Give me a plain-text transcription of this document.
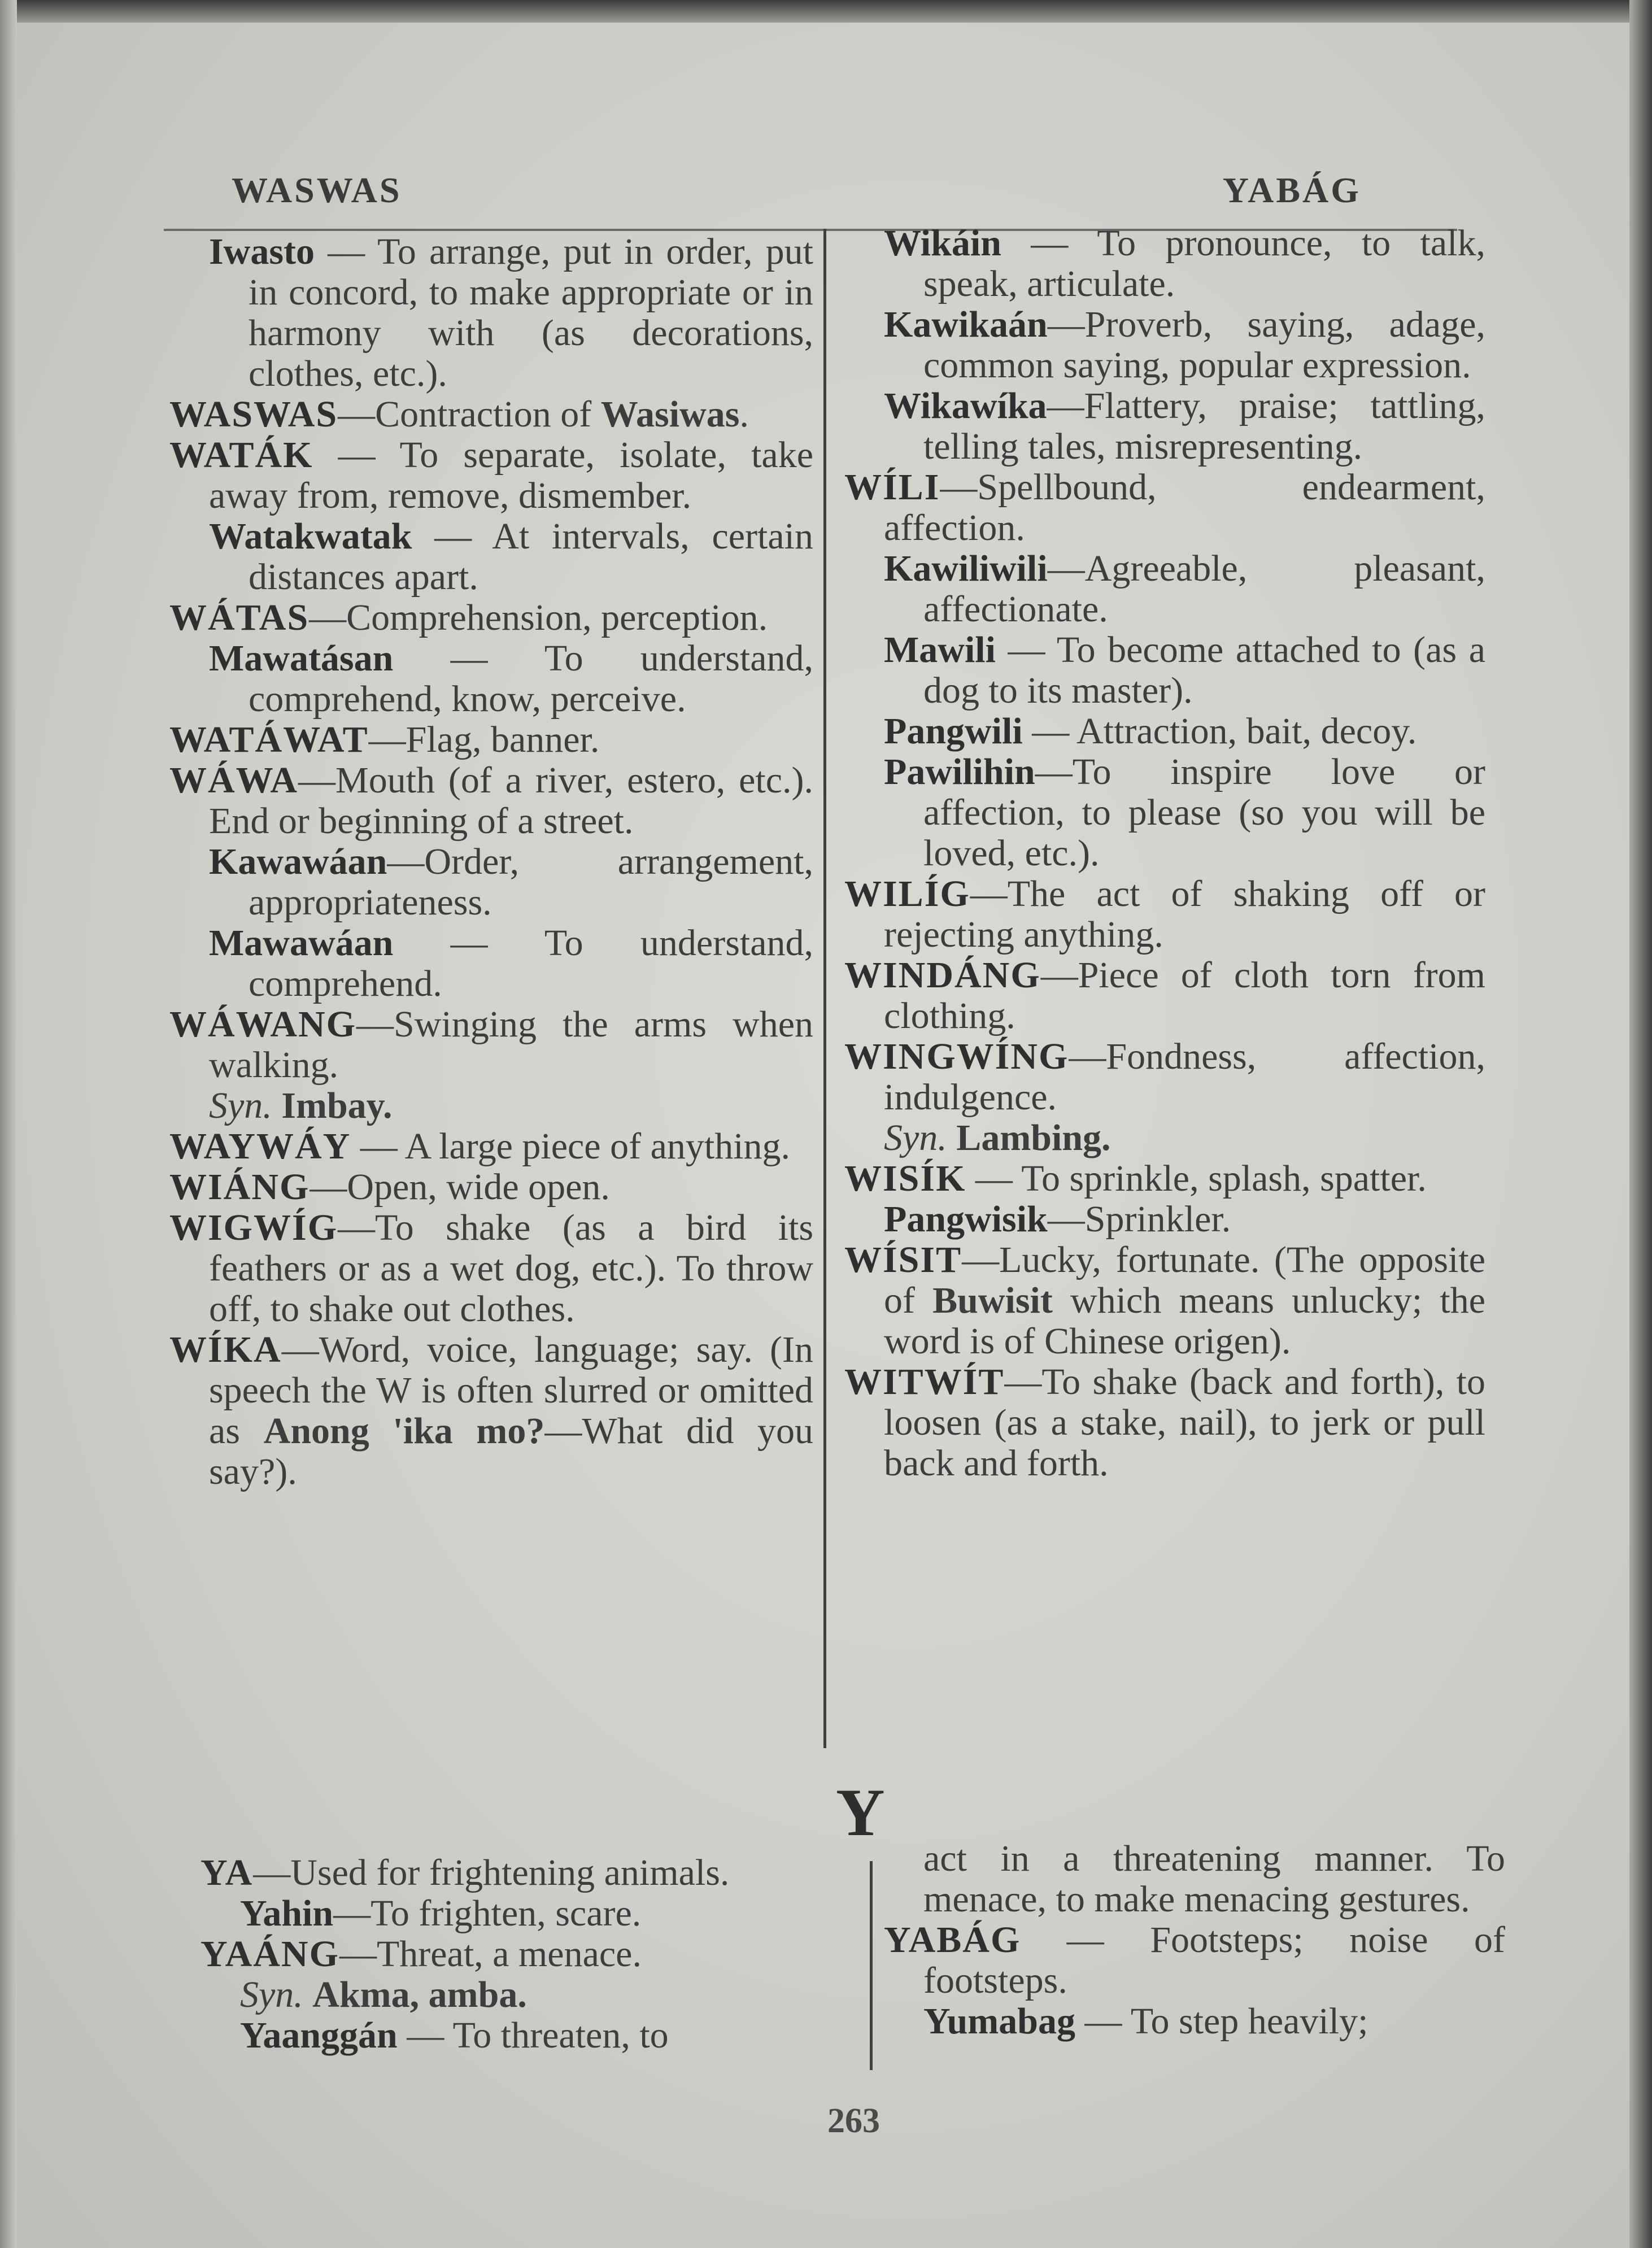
WASWAS	YABÁG

Iwasto — To arrange, put in order, put in concord, to make appropriate or in harmony with (as decorations, clothes, etc.).

WASWAS—Contraction of Wasiwas.

WATÁK — To separate, isolate, take away from, remove, dismember.

Watakwatak — At intervals, certain distances apart.

WÁTAS—Comprehension, perception.

Mawatásan — To understand, comprehend, know, perceive.

WATÁWAT—Flag, banner.

WÁWA—Mouth (of a river, estero, etc.). End or beginning of a street.

Kawawáan—Order, arrangement, appropriateness.

Mawawáan — To understand, comprehend.

WÁWANG—Swinging the arms when walking.

Syn. Imbay.

WAYWÁY — A large piece of anything.

WIÁNG—Open, wide open.

WIGWÍG—To shake (as a bird its feathers or as a wet dog, etc.). To throw off, to shake out clothes.

WÍKA—Word, voice, language; say. (In speech the W is often slurred or omitted as Anong 'ika mo?—What did you say?).

Wikáin — To pronounce, to talk, speak, articulate.

Kawikaán—Proverb, saying, adage, common saying, popular expression.

Wikawíka—Flattery, praise; tattling, telling tales, misrepresenting.

WÍLI—Spellbound, endearment, affection.

Kawiliwili—Agreeable, pleasant, affectionate.

Mawili — To become attached to (as a dog to its master).

Pangwili — Attraction, bait, decoy.

Pawilihin—To inspire love or affection, to please (so you will be loved, etc.).

WILÍG—The act of shaking off or rejecting anything.

WINDÁNG—Piece of cloth torn from clothing.

WINGWÍNG—Fondness, affection, indulgence.

Syn. Lambing.

WISÍK — To sprinkle, splash, spatter.

Pangwisik—Sprinkler.

WÍSIT—Lucky, fortunate. (The opposite of Buwisit which means unlucky; the word is of Chinese origen).

WITWÍT—To shake (back and forth), to loosen (as a stake, nail), to jerk or pull back and forth.

Y

YA—Used for frightening animals.

Yahin—To frighten, scare.

YAÁNG—Threat, a menace.

Syn. Akma, amba.

Yaanggán — To threaten, to

act in a threatening manner. To menace, to make menacing gestures.

YABÁG — Footsteps; noise of footsteps.

Yumabag — To step heavily;

263
